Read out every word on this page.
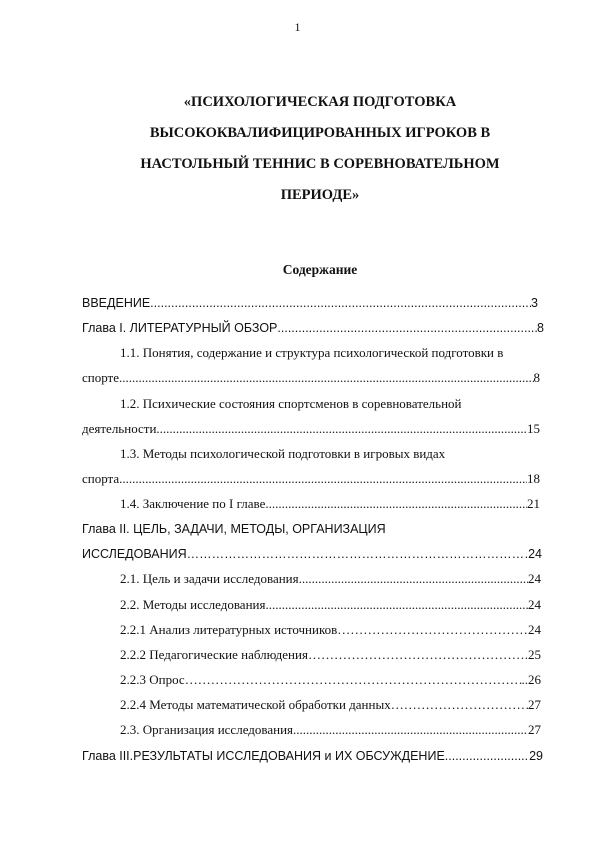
1
«ПСИХОЛОГИЧЕСКАЯ ПОДГОТОВКА
ВЫСОКОКВАЛИФИЦИРОВАННЫХ ИГРОКОВ В
НАСТОЛЬНЫЙ ТЕННИС В СОРЕВНОВАТЕЛЬНОМ
ПЕРИОДЕ»
Содержание
ВВЕДЕНИЕ .....	3
Глава I. ЛИТЕРАТУРНЫЙ ОБЗОР .....	8
1.1. Понятия, содержание и структура психологической подготовки в
спорте .....	8
1.2. Психические состояния спортсменов в соревновательной
деятельности .....	15
1.3. Методы психологической подготовки в игровых видах
спорта .....	18
1.4. Заключение по I главе .....	21
Глава II. ЦЕЛЬ, ЗАДАЧИ, МЕТОДЫ, ОРГАНИЗАЦИЯ
ИССЛЕДОВАНИЯ …………………………………………………………………………………………………………………………………………………………………………	24
2.1. Цель и задачи исследования .....	24
2.2. Методы исследования .....	24
2.2.1 Анализ литературных источников …………………………………………………………………………………………………………………………………………………………………………	24
2.2.2 Педагогические наблюдения …………………………………………………………………………………………………………………………………………………………………………	.25
2.2.3 Опрос …………………………………………………………………………………………………………………………………………………………………………	..26
2.2.4 Методы математической обработки данных …………………………………………………………………………………………………………………………………………………………………………	27
2.3. Организация исследования .....	27
Глава III.РЕЗУЛЬТАТЫ ИССЛЕДОВАНИЯ и ИХ ОБСУЖДЕНИЕ .....	29
